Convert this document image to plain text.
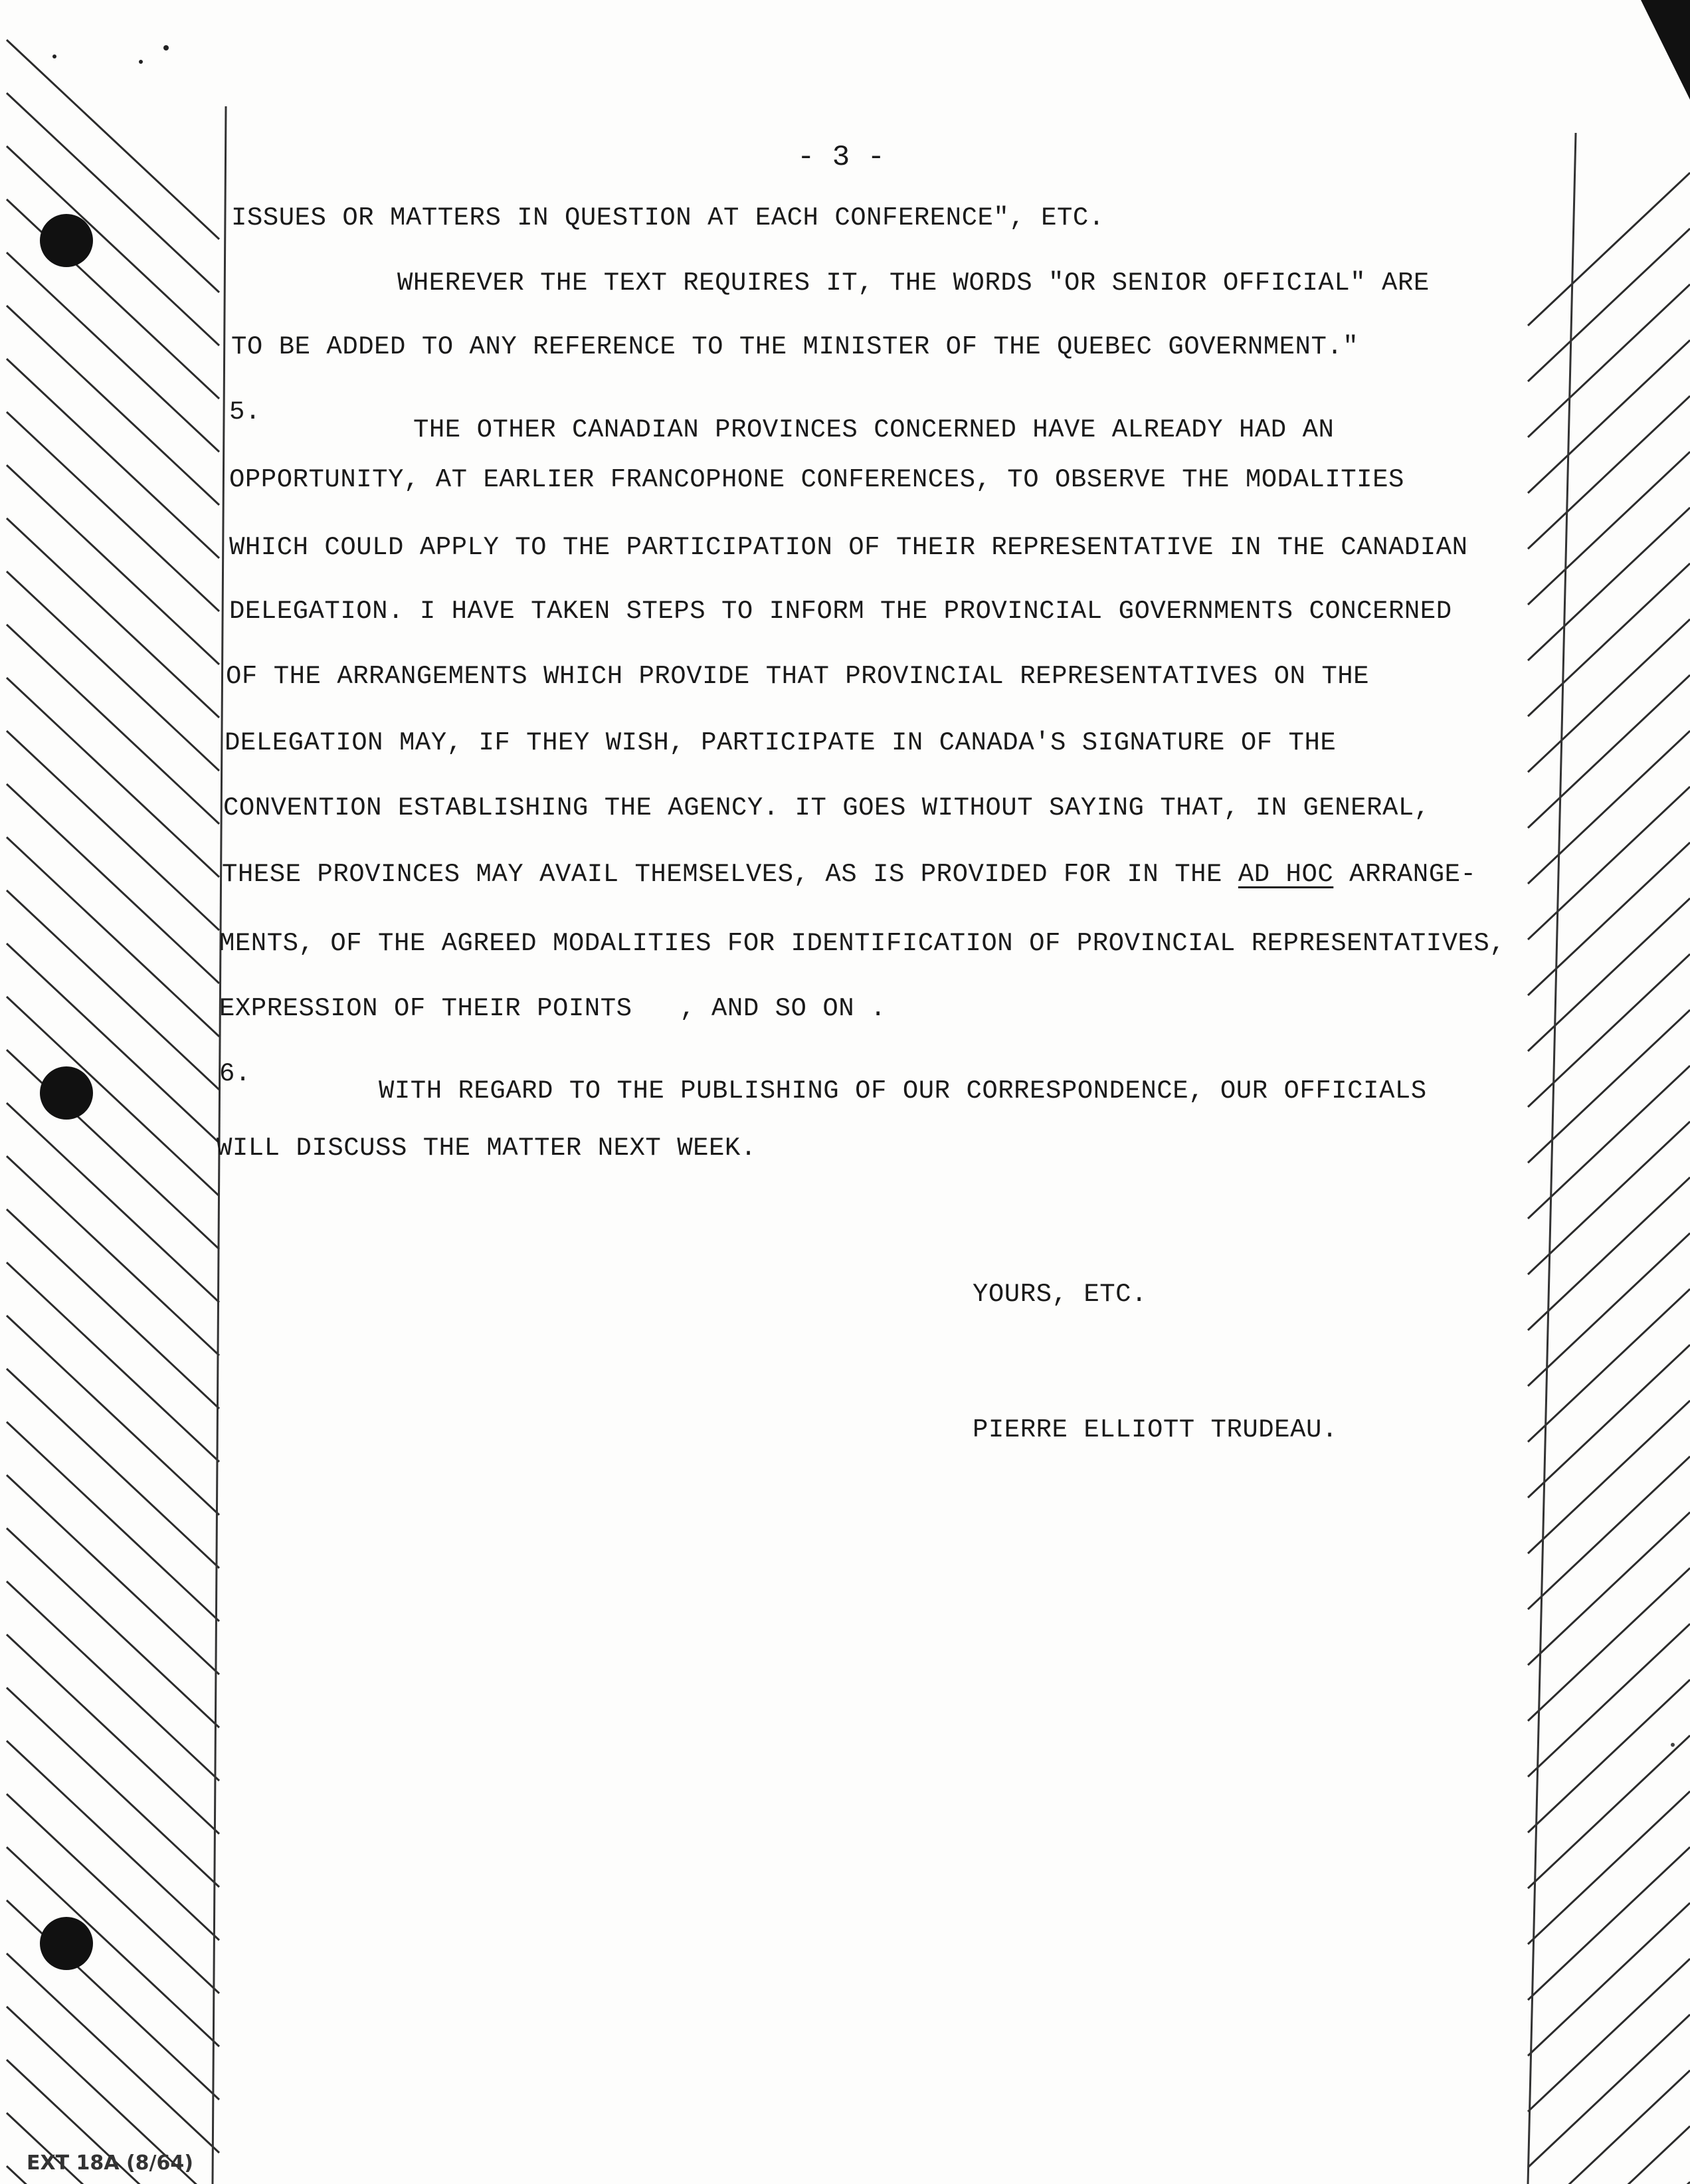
- 3 -
ISSUES OR MATTERS IN QUESTION AT EACH CONFERENCE", ETC.
WHEREVER THE TEXT REQUIRES IT, THE WORDS "OR SENIOR OFFICIAL" ARE
TO BE ADDED TO ANY REFERENCE TO THE MINISTER OF THE QUEBEC GOVERNMENT."
5.
THE OTHER CANADIAN PROVINCES CONCERNED HAVE ALREADY HAD AN
OPPORTUNITY, AT EARLIER FRANCOPHONE CONFERENCES, TO OBSERVE THE MODALITIES
WHICH COULD APPLY TO THE PARTICIPATION OF THEIR REPRESENTATIVE IN THE CANADIAN
DELEGATION. I HAVE TAKEN STEPS TO INFORM THE PROVINCIAL GOVERNMENTS CONCERNED
OF THE ARRANGEMENTS WHICH PROVIDE THAT PROVINCIAL REPRESENTATIVES ON THE
DELEGATION MAY, IF THEY WISH, PARTICIPATE IN CANADA'S SIGNATURE OF THE
CONVENTION ESTABLISHING THE AGENCY. IT GOES WITHOUT SAYING THAT, IN GENERAL,
THESE PROVINCES MAY AVAIL THEMSELVES, AS IS PROVIDED FOR IN THE AD HOC ARRANGE-
MENTS, OF THE AGREED MODALITIES FOR IDENTIFICATION OF PROVINCIAL REPRESENTATIVES,
EXPRESSION OF THEIR POINTS   , AND SO ON .
6.
WITH REGARD TO THE PUBLISHING OF OUR CORRESPONDENCE, OUR OFFICIALS
WILL DISCUSS THE MATTER NEXT WEEK.
YOURS, ETC.
PIERRE ELLIOTT TRUDEAU.
EXT 18A (8/64)
